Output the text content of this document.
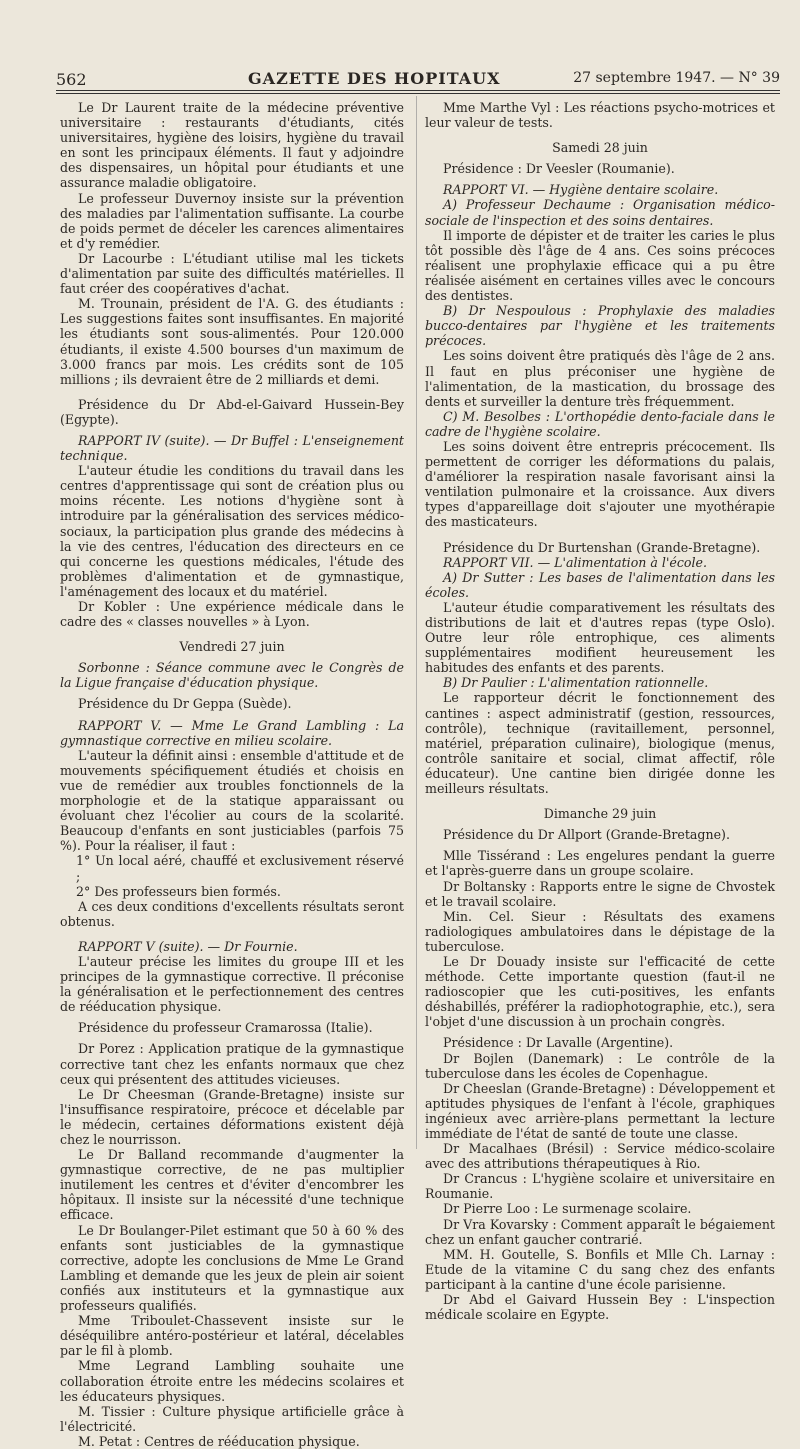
562	GAZETTE DES HOPITAUX	27 septembre 1947. — N° 39

Le Dr Laurent traite de la médecine préventive universitaire : restaurants d'étudiants, cités universitaires, hygiène des loisirs, hygiène du travail en sont les principaux éléments. Il faut y adjoindre des dispensaires, un hôpital pour étudiants et une assurance maladie obligatoire.

Le professeur Duvernoy insiste sur la prévention des maladies par l'alimentation suffisante. La courbe de poids permet de déceler les carences alimentaires et d'y remédier.

Dr Lacourbe : L'étudiant utilise mal les tickets d'alimentation par suite des difficultés matérielles. Il faut créer des coopératives d'achat.

M. Trounain, président de l'A. G. des étudiants : Les suggestions faites sont insuffisantes. En majorité les étudiants sont sous-alimentés. Pour 120.000 étudiants, il existe 4.500 bourses d'un maximum de 3.000 francs par mois. Les crédits sont de 105 millions ; ils devraient être de 2 milliards et demi.

Présidence du Dr Abd-el-Gaivard Hussein-Bey (Egypte).

RAPPORT IV (suite). — Dr Buffel : L'enseignement technique.

L'auteur étudie les conditions du travail dans les centres d'apprentissage qui sont de création plus ou moins récente. Les notions d'hygiène sont à introduire par la généralisation des services médico-sociaux, la participation plus grande des médecins à la vie des centres, l'éducation des directeurs en ce qui concerne les questions médicales, l'étude des problèmes d'alimentation et de gymnastique, l'aménagement des locaux et du matériel.

Dr Kobler : Une expérience médicale dans le cadre des « classes nouvelles » à Lyon.

Vendredi 27 juin

Sorbonne : Séance commune avec le Congrès de la Ligue française d'éducation physique.

Présidence du Dr Geppa (Suède).

RAPPORT V. — Mme Le Grand Lambling : La gymnastique corrective en milieu scolaire.

L'auteur la définit ainsi : ensemble d'attitude et de mouvements spécifiquement étudiés et choisis en vue de remédier aux troubles fonctionnels de la morphologie et de la statique apparaissant ou évoluant chez l'écolier au cours de la scolarité. Beaucoup d'enfants en sont justiciables (parfois 75 %). Pour la réaliser, il faut :

1° Un local aéré, chauffé et exclusivement réservé ;

2° Des professeurs bien formés.

A ces deux conditions d'excellents résultats seront obtenus.

RAPPORT V (suite). — Dr Fournie.

L'auteur précise les limites du groupe III et les principes de la gymnastique corrective. Il préconise la généralisation et le perfectionnement des centres de rééducation physique.

Présidence du professeur Cramarossa (Italie).

Dr Porez : Application pratique de la gymnastique corrective tant chez les enfants normaux que chez ceux qui présentent des attitudes vicieuses.

Le Dr Cheesman (Grande-Bretagne) insiste sur l'insuffisance respiratoire, précoce et décelable par le médecin, certaines déformations existent déjà chez le nourrisson.

Le Dr Balland recommande d'augmenter la gymnastique corrective, de ne pas multiplier inutilement les centres et d'éviter d'encombrer les hôpitaux. Il insiste sur la nécessité d'une technique efficace.

Le Dr Boulanger-Pilet estimant que 50 à 60 % des enfants sont justiciables de la gymnastique corrective, adopte les conclusions de Mme Le Grand Lambling et demande que les jeux de plein air soient confiés aux instituteurs et la gymnastique aux professeurs qualifiés.

Mme Triboulet-Chassevent insiste sur le déséquilibre antéro-postérieur et latéral, décelables par le fil à plomb.

Mme Legrand Lambling souhaite une collaboration étroite entre les médecins scolaires et les éducateurs physiques.

M. Tissier : Culture physique artificielle grâce à l'électricité.

M. Petat : Centres de rééducation physique.

Mme Marthe Vyl : Les réactions psycho-motrices et leur valeur de tests.

Samedi 28 juin

Présidence : Dr Veesler (Roumanie).

RAPPORT VI. — Hygiène dentaire scolaire.

A) Professeur Dechaume : Organisation médico-sociale de l'inspection et des soins dentaires.

Il importe de dépister et de traiter les caries le plus tôt possible dès l'âge de 4 ans. Ces soins précoces réalisent une prophylaxie efficace qui a pu être réalisée aisément en certaines villes avec le concours des dentistes.

B) Dr Nespoulous : Prophylaxie des maladies bucco-dentaires par l'hygiène et les traitements précoces.

Les soins doivent être pratiqués dès l'âge de 2 ans. Il faut en plus préconiser une hygiène de l'alimentation, de la mastication, du brossage des dents et surveiller la denture très fréquemment.

C) M. Besolbes : L'orthopédie dento-faciale dans le cadre de l'hygiène scolaire.

Les soins doivent être entrepris précocement. Ils permettent de corriger les déformations du palais, d'améliorer la respiration nasale favorisant ainsi la ventilation pulmonaire et la croissance. Aux divers types d'appareillage doit s'ajouter une myothérapie des masticateurs.

Présidence du Dr Burtenshan (Grande-Bretagne).

RAPPORT VII. — L'alimentation à l'école.

A) Dr Sutter : Les bases de l'alimentation dans les écoles.

L'auteur étudie comparativement les résultats des distributions de lait et d'autres repas (type Oslo). Outre leur rôle entrophique, ces aliments supplémentaires modifient heureusement les habitudes des enfants et des parents.

B) Dr Paulier : L'alimentation rationnelle.

Le rapporteur décrit le fonctionnement des cantines : aspect administratif (gestion, ressources, contrôle), technique (ravitaillement, personnel, matériel, préparation culinaire), biologique (menus, contrôle sanitaire et social, climat affectif, rôle éducateur). Une cantine bien dirigée donne les meilleurs résultats.

Dimanche 29 juin

Présidence du Dr Allport (Grande-Bretagne).

Mlle Tissérand : Les engelures pendant la guerre et l'après-guerre dans un groupe scolaire.

Dr Boltansky : Rapports entre le signe de Chvostek et le travail scolaire.

Min. Cel. Sieur : Résultats des examens radiologiques ambulatoires dans le dépistage de la tuberculose.

Le Dr Douady insiste sur l'efficacité de cette méthode. Cette importante question (faut-il ne radioscopier que les cuti-positives, les enfants déshabillés, préférer la radiophotographie, etc.), sera l'objet d'une discussion à un prochain congrès.

Présidence : Dr Lavalle (Argentine).

Dr Bojlen (Danemark) : Le contrôle de la tuberculose dans les écoles de Copenhague.

Dr Cheeslan (Grande-Bretagne) : Développement et aptitudes physiques de l'enfant à l'école, graphiques ingénieux avec arrière-plans permettant la lecture immédiate de l'état de santé de toute une classe.

Dr Macalhaes (Brésil) : Service médico-scolaire avec des attributions thérapeutiques à Rio.

Dr Crancus : L'hygiène scolaire et universitaire en Roumanie.

Dr Pierre Loo : Le surmenage scolaire.

Dr Vra Kovarsky : Comment apparaît le bégaiement chez un enfant gaucher contrarié.

MM. H. Goutelle, S. Bonfils et Mlle Ch. Larnay : Etude de la vitamine C du sang chez des enfants participant à la cantine d'une école parisienne.

Dr Abd el Gaivard Hussein Bey : L'inspection médicale scolaire en Egypte.
